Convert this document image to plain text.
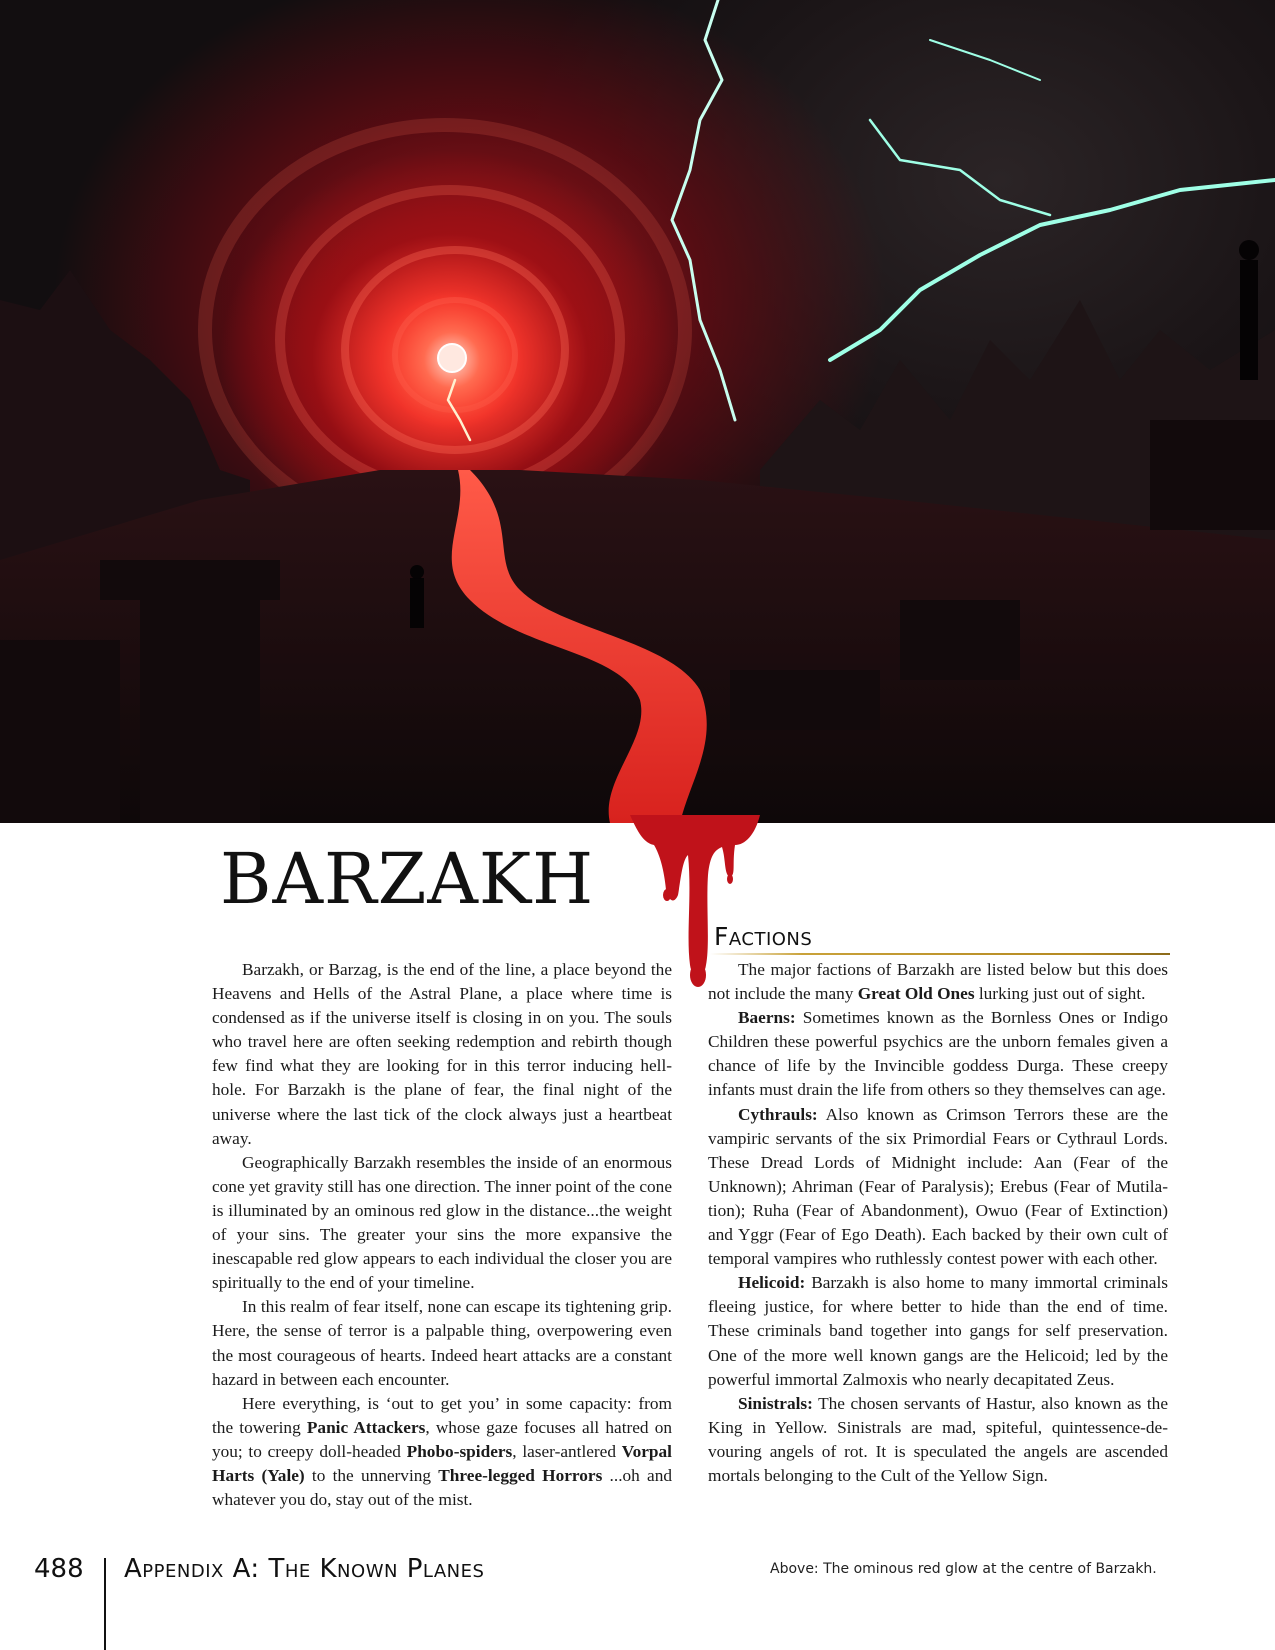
BARZAKH
Factions

Barzakh, or Barzag, is the end of the line, a place beyond the Heavens and Hells of the Astral Plane, a place where time is condensed as if the universe itself is closing in on you. The souls who travel here are often seeking redemption and rebirth though few find what they are looking for in this terror inducing hell-hole. For Barzakh is the plane of fear, the final night of the universe where the last tick of the clock always just a heartbeat away.

Geographically Barzakh resembles the inside of an enormous cone yet gravity still has one direction. The inner point of the cone is illuminated by an ominous red glow in the distance...the weight of your sins. The greater your sins the more expansive the inescapable red glow appears to each individual the closer you are spiritually to the end of your timeline.

In this realm of fear itself, none can escape its tightening grip. Here, the sense of terror is a palpable thing, overpowering even the most courageous of hearts. Indeed heart attacks are a constant hazard in between each encounter.

Here everything, is ‘out to get you’ in some capacity: from the towering Panic Attackers, whose gaze focuses all hatred on you; to creepy doll-headed Phobo-spiders, laser-antlered Vorpal Harts (Yale) to the unnerving Three-legged Horrors ...oh and whatever you do, stay out of the mist.

The major factions of Barzakh are listed below but this does not include the many Great Old Ones lurking just out of sight.

Baerns: Sometimes known as the Bornless Ones or Indigo Children these powerful psychics are the unborn females given a chance of life by the Invincible goddess Durga. These creepy infants must drain the life from others so they themselves can age.

Cythrauls: Also known as Crimson Terrors these are the vampiric servants of the six Primordial Fears or Cythraul Lords. These Dread Lords of Midnight include: Aan (Fear of the Unknown); Ahriman (Fear of Paralysis); Erebus (Fear of Mutilation); Ruha (Fear of Abandonment), Owuo (Fear of Extinction) and Yggr (Fear of Ego Death). Each backed by their own cult of temporal vampires who ruthlessly contest power with each other.

Helicoid: Barzakh is also home to many immortal criminals fleeing justice, for where better to hide than the end of time. These criminals band together into gangs for self preservation. One of the more well known gangs are the Helicoid; led by the powerful immortal Zalmoxis who nearly decapitated Zeus.

Sinistrals: The chosen servants of Hastur, also known as the King in Yellow. Sinistrals are mad, spiteful, quintessence-devouring angels of rot. It is speculated the angels are ascended mortals belonging to the Cult of the Yellow Sign.

488 Appendix A: The Known Planes	Above: The ominous red glow at the centre of Barzakh.
